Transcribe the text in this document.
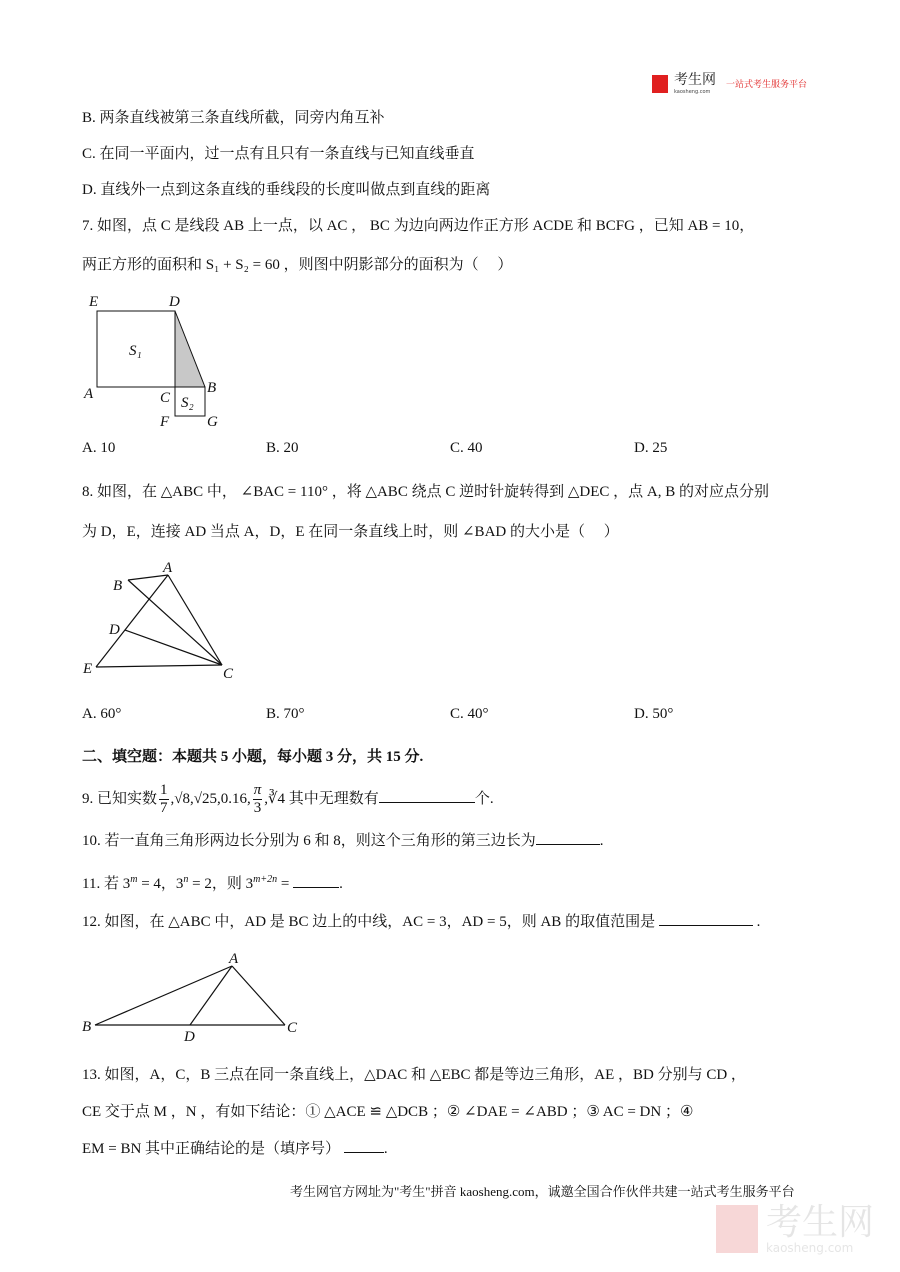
考生网
kaosheng.com
一站式考生服务平台
B. 两条直线被第三条直线所截，同旁内角互补
C. 在同一平面内，过一点有且只有一条直线与已知直线垂直
D. 直线外一点到这条直线的垂线段的长度叫做点到直线的距离
7. 如图，点 C 是线段 AB 上一点，以 AC ， BC 为边向两边作正方形 ACDE 和 BCFG ，已知 AB = 10，
两正方形的面积和 S₁ + S₂ = 60 ，则图中阴影部分的面积为（　 ）
E	D
S₁
A	C
B
S₂
F	G
A. 10	B. 20	C. 40	D. 25
8. 如图，在 △ABC 中， ∠BAC = 110° ，将 △ABC 绕点 C 逆时针旋转得到 △DEC ，点 A, B 的对应点分别
为 D，E，连接 AD 当点 A，D，E 在同一条直线上时，则 ∠BAD 的大小是（　 ）
A
B
D
E	C
A. 60°	B. 70°	C. 40°	D. 50°
二、填空题：本题共 5 小题，每小题 3 分，共 15 分.
9. 已知实数 $\frac{1}{7} ,√8,√25,0.16$, $\frac{\pi}{3}$ ,∛4 其中无理数有	个.
10. 若一直角三角形两边长分别为 6 和 8，则这个三角形的第三边长为	.
11. 若 $3^m = 4$，$3^n = 2$，则 $3^{m+2n}$ =	.
12. 如图，在 △ABC 中，AD 是 BC 边上的中线，AC = 3，AD = 5，则 AB 的取值范围是	.
A
B
D
C
13. 如图，A，C，B 三点在同一条直线上，△DAC 和 △EBC 都是等边三角形，AE ，BD 分别与 CD ，
CE 交于点 M ，N ，有如下结论：① △ACE ≌ △DCB ；② ∠DAE = ∠ABD ；③ AC = DN ；④
EM = BN 其中正确结论的是（填序号）	.
考生网官方网址为"考生"拼音 kaosheng.com，诚邀全国合作伙伴共建一站式考生服务平台
考生网
kaosheng.com
